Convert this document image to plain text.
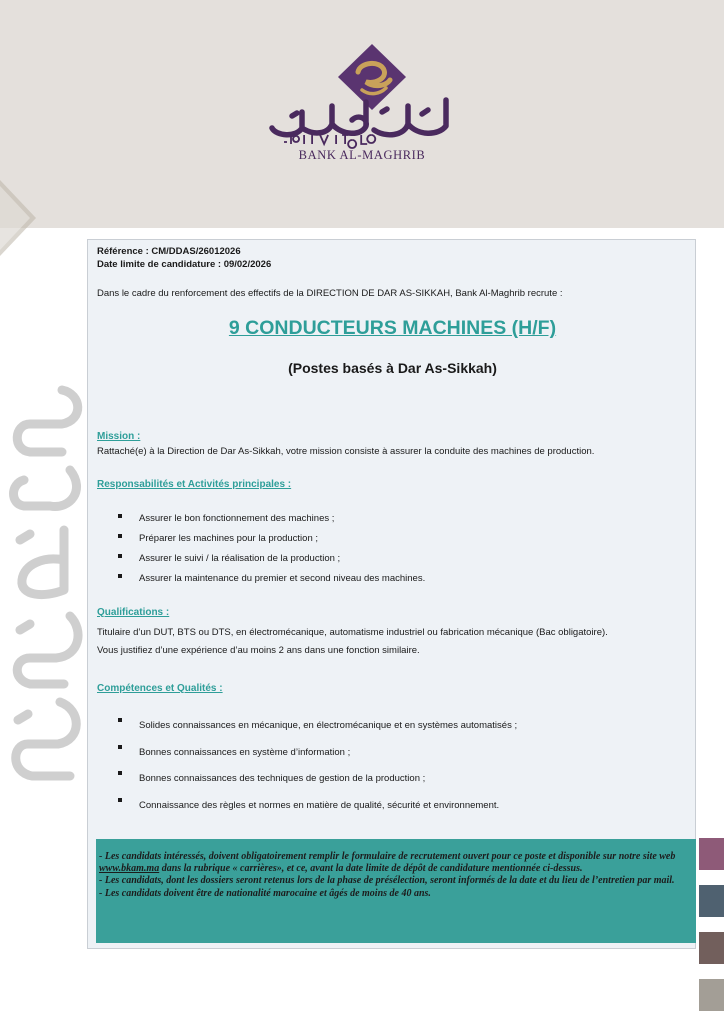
BANK AL-MAGHRIB
Référence : CM/DDAS/26012026
Date limite de candidature : 09/02/2026
Dans le cadre du renforcement des effectifs de la DIRECTION DE DAR AS-SIKKAH, Bank Al-Maghrib recrute :
9 CONDUCTEURS MACHINES (H/F)
(Postes basés à Dar As-Sikkah)
Mission :
Rattaché(e) à la Direction de Dar As-Sikkah, votre mission consiste à assurer la conduite des machines de production.
Responsabilités et Activités principales :
Assurer le bon fonctionnement des machines ;
Préparer les machines pour la production ;
Assurer le suivi / la réalisation de la production ;
Assurer la maintenance du premier et second niveau des machines.
Qualifications :
Titulaire d’un DUT, BTS ou DTS, en électromécanique, automatisme industriel ou fabrication mécanique (Bac obligatoire).
Vous justifiez d’une expérience d’au moins 2 ans dans une fonction similaire.
Compétences et Qualités :
Solides connaissances en mécanique, en électromécanique et en systèmes automatisés ;
Bonnes connaissances en système d’information ;
Bonnes connaissances des techniques de gestion de la production ;
Connaissance des règles et normes en matière de qualité, sécurité et environnement.

- Les candidats intéressés, doivent obligatoirement remplir le formulaire de recrutement ouvert pour ce poste et disponible sur notre site web www.bkam.ma dans la rubrique « carrières», et ce, avant la date limite de dépôt de candidature mentionnée ci-dessus.

- Les candidats, dont les dossiers seront retenus lors de la phase de présélection, seront informés de la date et du lieu de l’entretien par mail.

- Les candidats doivent être de nationalité marocaine et âgés de moins de 40 ans.
